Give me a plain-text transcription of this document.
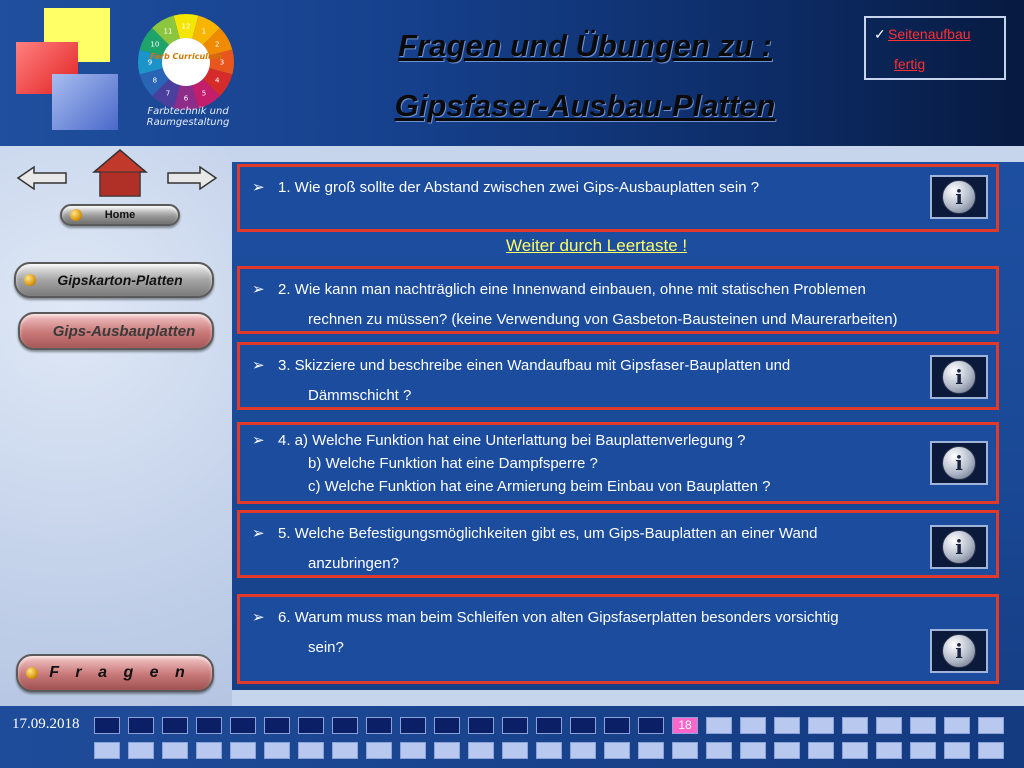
12
1
2
3
4
5
6
7
8
9
10
11
Farb Curriculum
Farbtechnik und
Raumgestaltung
Fragen und Übungen zu :
Gipsfaser-Ausbau-Platten
✓ Seitenaufbau
fertig
Home
Gipskarton-Platten
Gips-Ausbauplatten
F r a g e n
➢ 1. Wie groß sollte der Abstand zwischen zwei Gips-Ausbauplatten sein ?	i
Weiter durch Leertaste !
➢ 2. Wie kann man nachträglich eine Innenwand einbauen, ohne mit statischen Problemen
rechnen zu müssen? (keine Verwendung von Gasbeton-Bausteinen und Maurerarbeiten)
➢ 3. Skizziere und beschreibe einen Wandaufbau mit Gipsfaser-Bauplatten und
Dämmschicht ?
i
➢ 4. a) Welche Funktion hat eine Unterlattung bei Bauplattenverlegung ?
b) Welche Funktion hat eine Dampfsperre ?
c) Welche Funktion hat eine Armierung beim Einbau von Bauplatten ?
i
➢ 5. Welche Befestigungsmöglichkeiten gibt es, um Gips-Bauplatten an einer Wand
anzubringen?
i
➢ 6. Warum muss man beim Schleifen von alten Gipsfaserplatten besonders vorsichtig
sein?	i
17.09.2018	18
